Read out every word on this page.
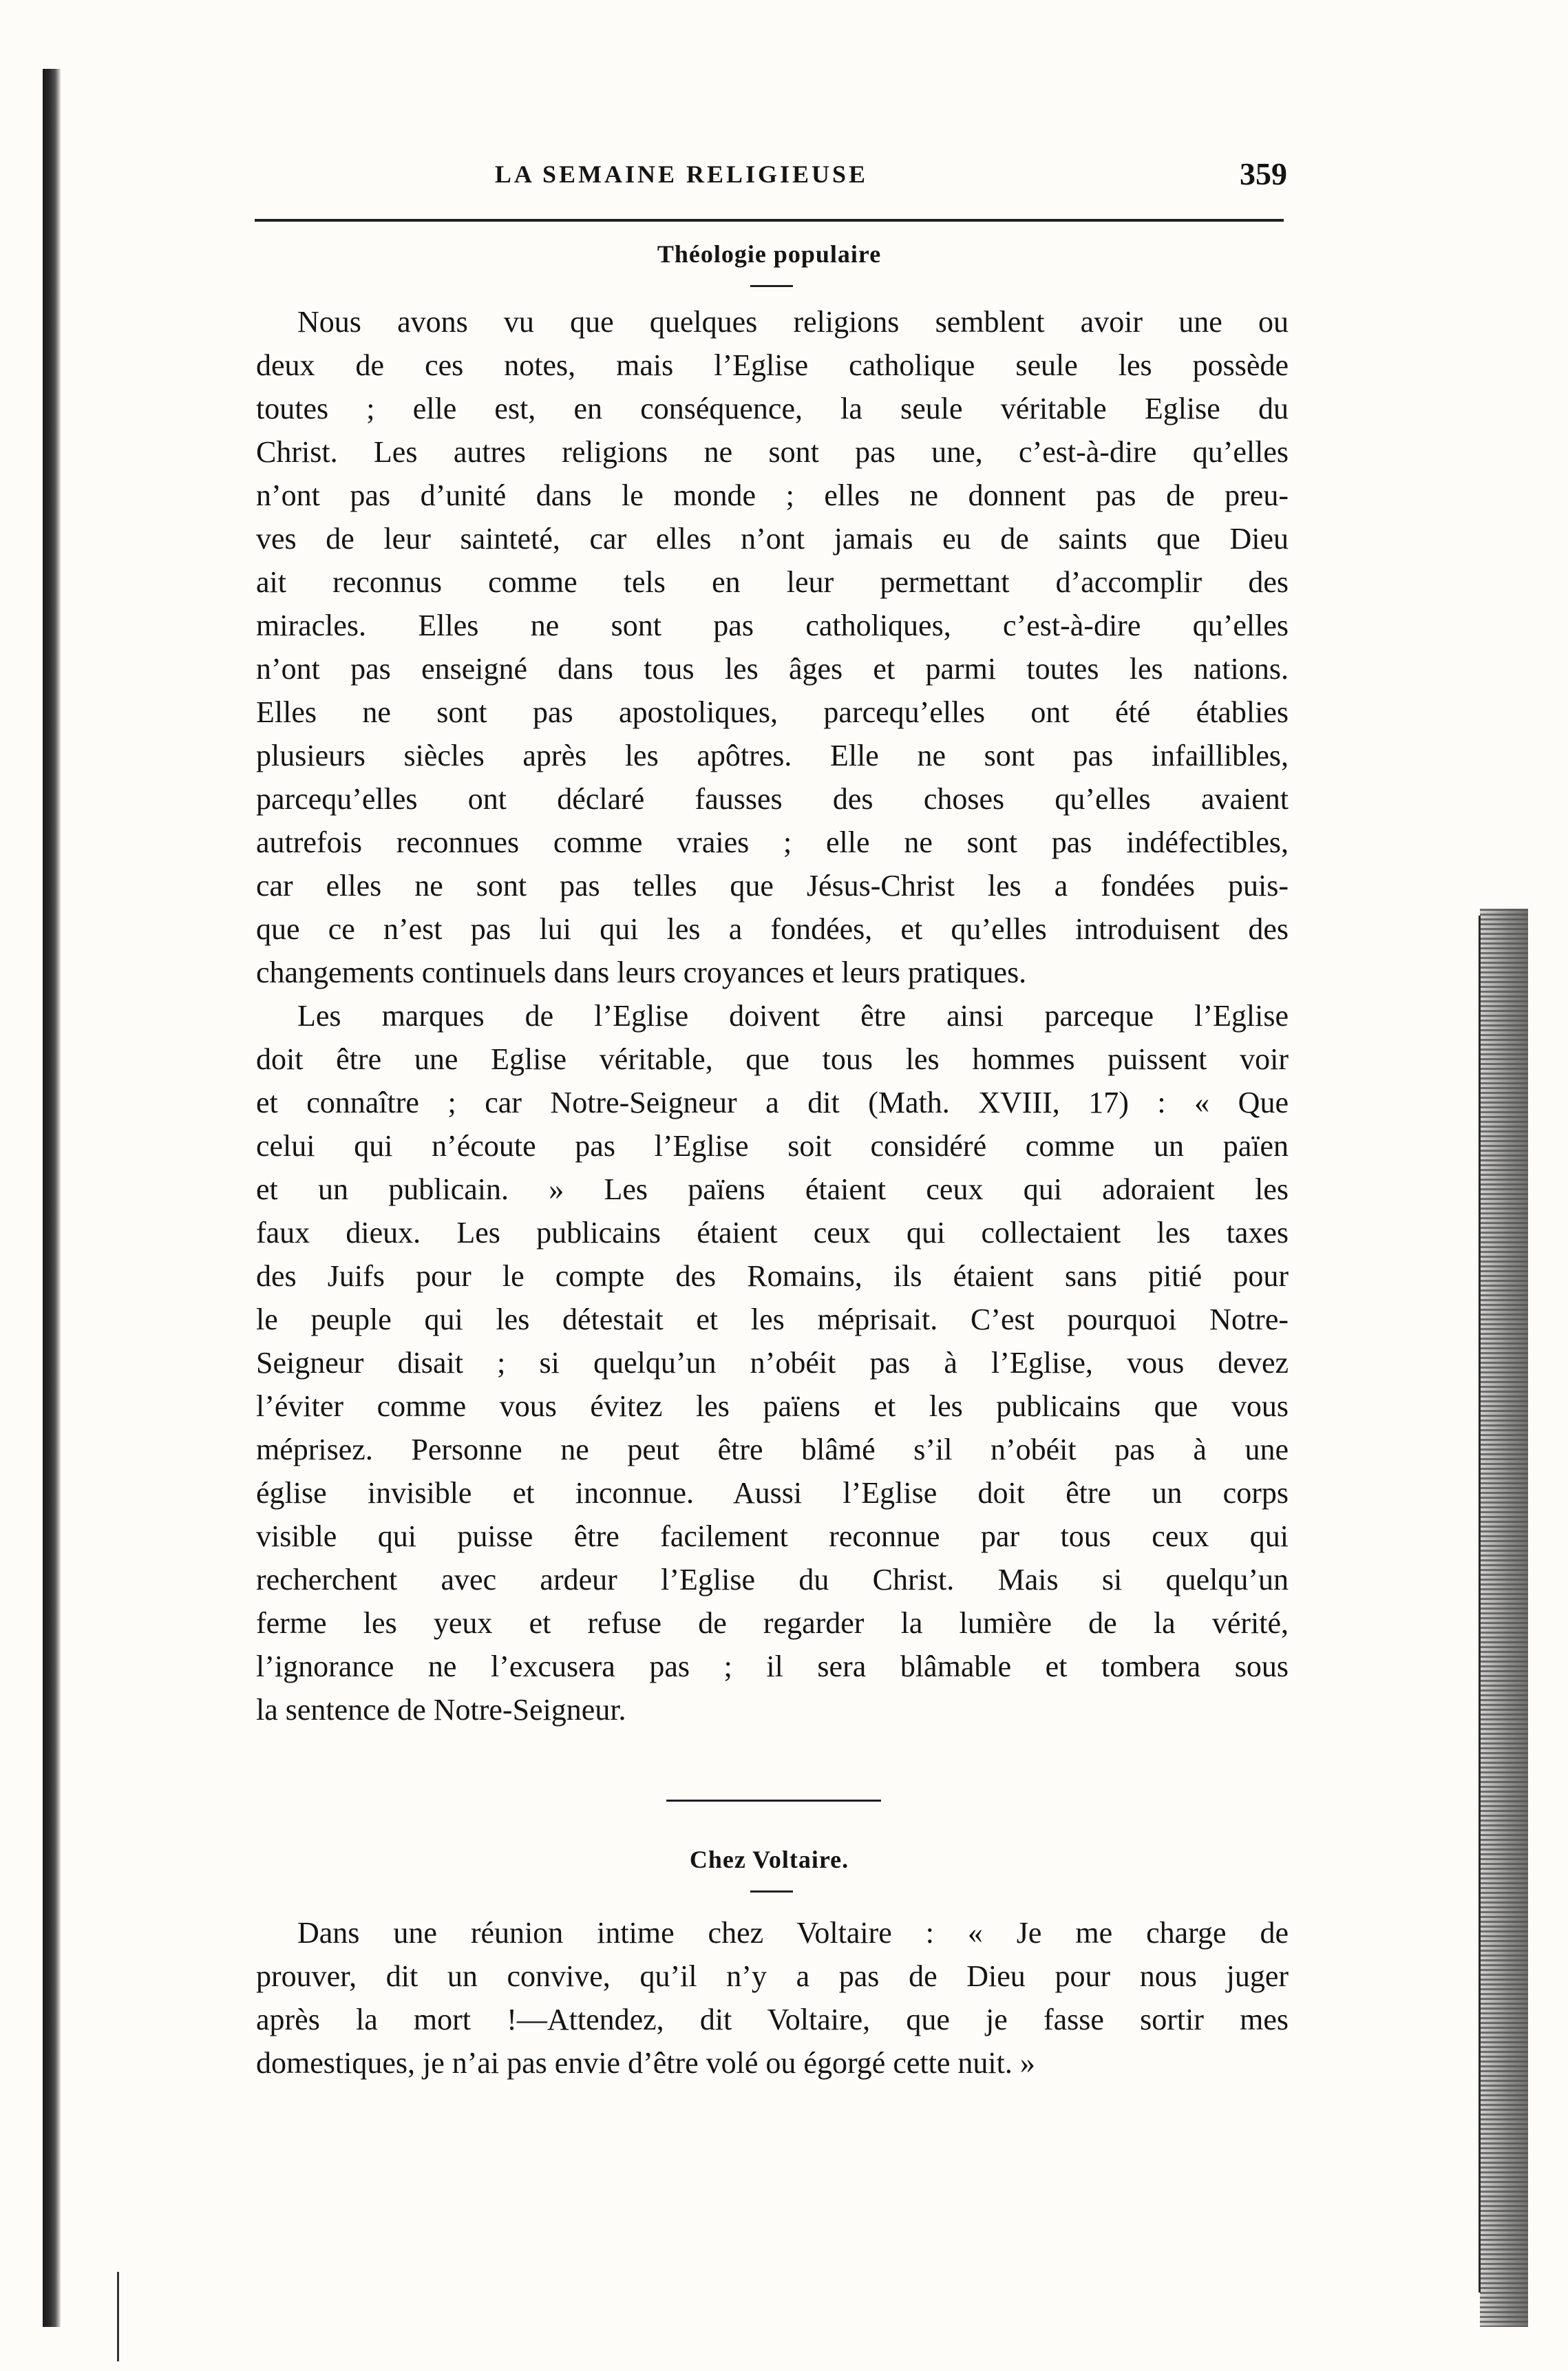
LA SEMAINE RELIGIEUSE	359
Théologie populaire
Nous avons vu que quelques religions semblent avoir une ou
deux de ces notes, mais l’Eglise catholique seule les possède
toutes ; elle est, en conséquence, la seule véritable Eglise du
Christ. Les autres religions ne sont pas une, c’est-à-dire qu’elles
n’ont pas d’unité dans le monde ; elles ne donnent pas de preu-
ves de leur sainteté, car elles n’ont jamais eu de saints que Dieu
ait reconnus comme tels en leur permettant d’accomplir des
miracles. Elles ne sont pas catholiques, c’est-à-dire qu’elles
n’ont pas enseigné dans tous les âges et parmi toutes les nations.
Elles ne sont pas apostoliques, parcequ’elles ont été établies
plusieurs siècles après les apôtres. Elle ne sont pas infaillibles,
parcequ’elles ont déclaré fausses des choses qu’elles avaient
autrefois reconnues comme vraies ; elle ne sont pas indéfectibles,
car elles ne sont pas telles que Jésus-Christ les a fondées puis-
que ce n’est pas lui qui les a fondées, et qu’elles introduisent des
changements continuels dans leurs croyances et leurs pratiques.
Les marques de l’Eglise doivent être ainsi parceque l’Eglise
doit être une Eglise véritable, que tous les hommes puissent voir
et connaître ; car Notre-Seigneur a dit (Math. XVIII, 17) : « Que
celui qui n’écoute pas l’Eglise soit considéré comme un païen
et un publicain. » Les païens étaient ceux qui adoraient les
faux dieux. Les publicains étaient ceux qui collectaient les taxes
des Juifs pour le compte des Romains, ils étaient sans pitié pour
le peuple qui les détestait et les méprisait. C’est pourquoi Notre-
Seigneur disait ; si quelqu’un n’obéit pas à l’Eglise, vous devez
l’éviter comme vous évitez les païens et les publicains que vous
méprisez. Personne ne peut être blâmé s’il n’obéit pas à une
église invisible et inconnue. Aussi l’Eglise doit être un corps
visible qui puisse être facilement reconnue par tous ceux qui
recherchent avec ardeur l’Eglise du Christ. Mais si quelqu’un
ferme les yeux et refuse de regarder la lumière de la vérité,
l’ignorance ne l’excusera pas ; il sera blâmable et tombera sous
la sentence de Notre-Seigneur.
Chez Voltaire.
Dans une réunion intime chez Voltaire : « Je me charge de
prouver, dit un convive, qu’il n’y a pas de Dieu pour nous juger
après la mort !—Attendez, dit Voltaire, que je fasse sortir mes
domestiques, je n’ai pas envie d’être volé ou égorgé cette nuit. »
